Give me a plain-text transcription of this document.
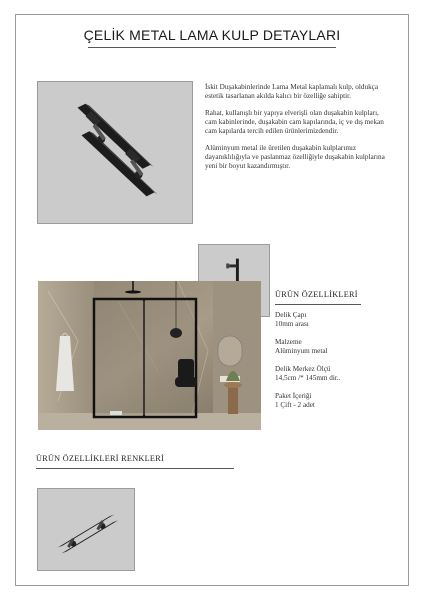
ÇELİK METAL LAMA KULP DETAYLARI

İskit Duşakabinlerinde Lama Metal kaplamalı kulp, oldukça estetik tasarlanan akılda kalıcı bir özelliğe sahiptir.

Rahat, kullanışlı bir yapıya elverişli olan duşakabin kulpları, cam kabinlerinde, duşakabin cam kapılarında, iç ve dış mekan cam kapılarda tercih edilen ürünlerimizdendir.

Alüminyum metal ile üretilen duşakabin kulplarımız dayanıklılığıyla ve paslanmaz özelliğiyle duşakabin kulplarına yeni bir boyut kazandırmıştır.

ÜRÜN ÖZELLİKLERİ
Delik Çapı
10mm arası
Malzeme
Alüminyum metal
Delik Merkez Ölçü
14,5cm /* 145mm dir..
Paket İçeriği
1 Çift - 2 adet
ÜRÜN ÖZELLİKLERİ RENKLERİ
